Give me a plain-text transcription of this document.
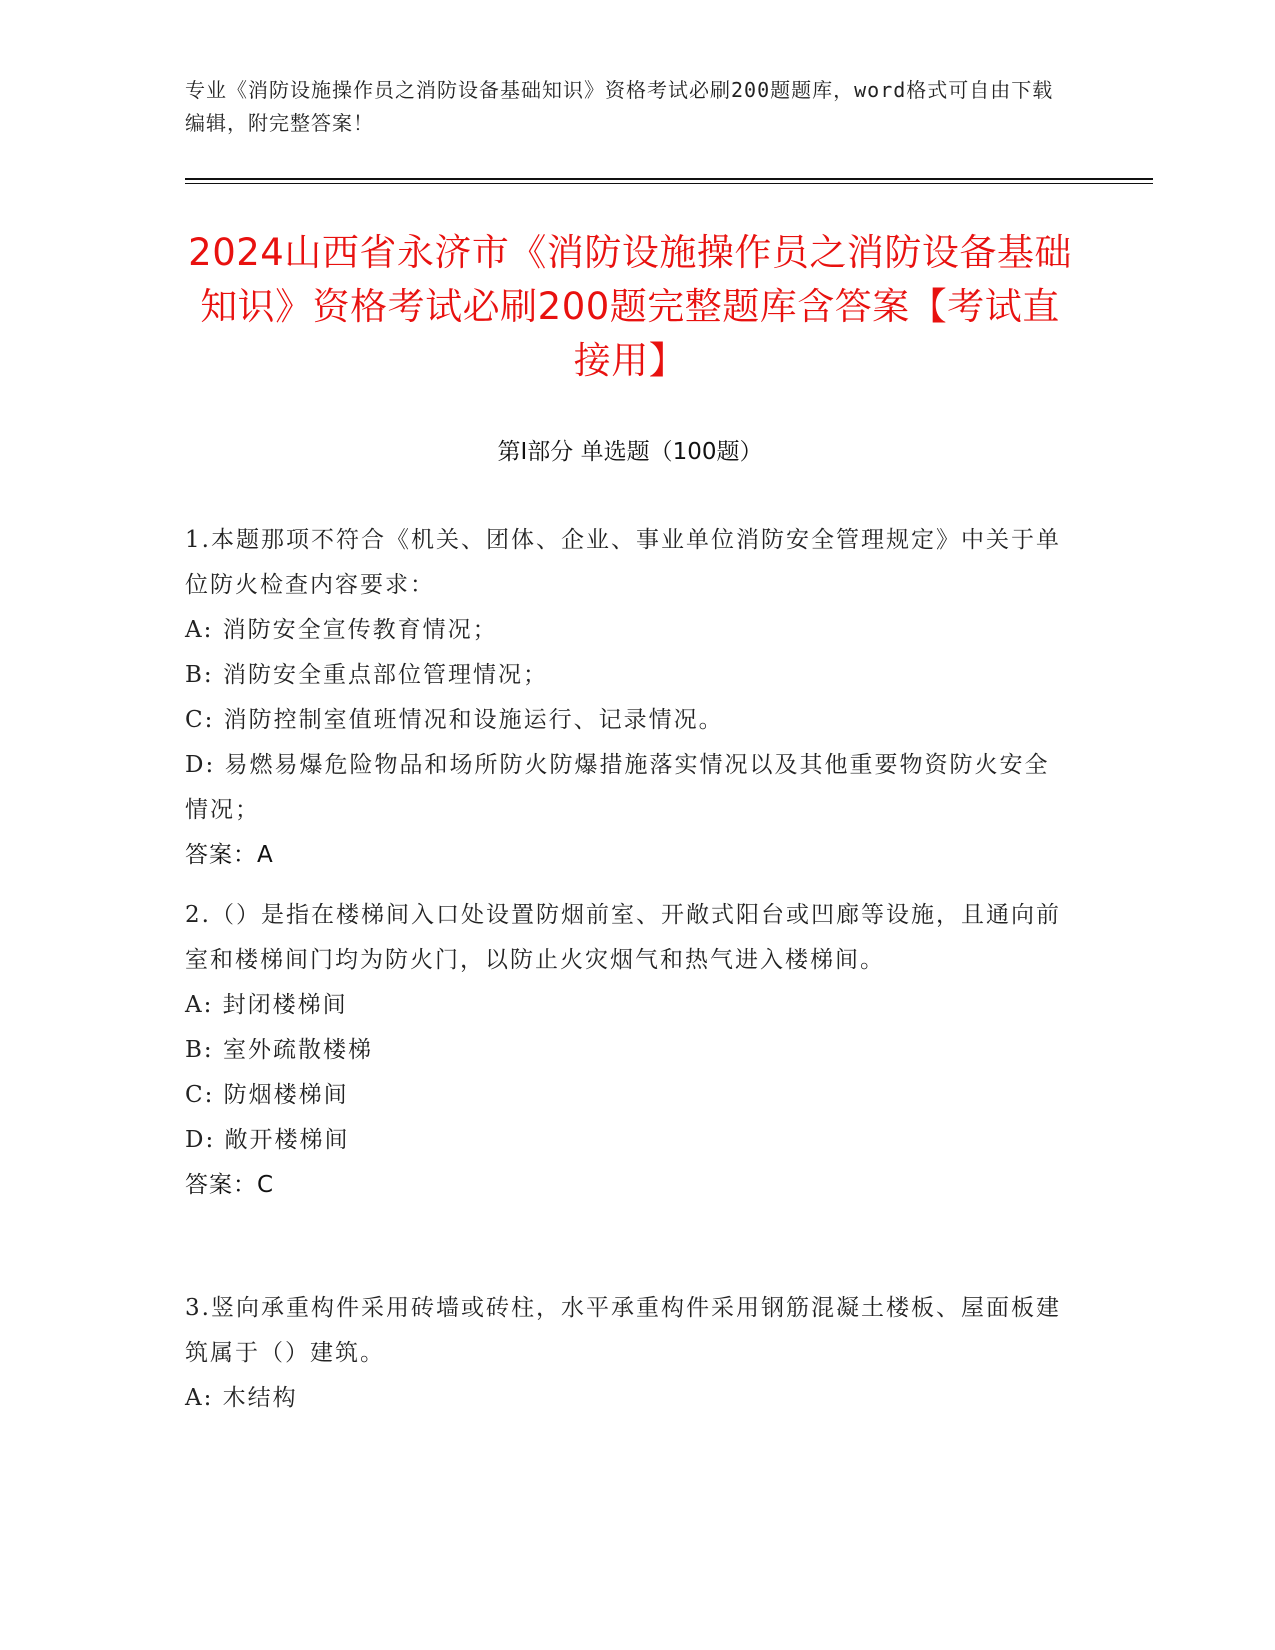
专业《消防设施操作员之消防设备基础知识》资格考试必刷200题题库，word格式可自由下载编辑，附完整答案！
2024山西省永济市《消防设施操作员之消防设备基础知识》资格考试必刷200题完整题库含答案【考试直接用】
第Ⅰ部分 单选题（100题）

1.本题那项不符合《机关、团体、企业、事业单位消防安全管理规定》中关于单位防火检查内容要求：

A: 消防安全宣传教育情况；

B: 消防安全重点部位管理情况；

C: 消防控制室值班情况和设施运行、记录情况。

D: 易燃易爆危险物品和场所防火防爆措施落实情况以及其他重要物资防火安全情况；

答案：A

2.（）是指在楼梯间入口处设置防烟前室、开敞式阳台或凹廊等设施，且通向前室和楼梯间门均为防火门，以防止火灾烟气和热气进入楼梯间。

A: 封闭楼梯间

B: 室外疏散楼梯

C: 防烟楼梯间

D: 敞开楼梯间

答案：C

3.竖向承重构件采用砖墙或砖柱，水平承重构件采用钢筋混凝土楼板、屋面板建筑属于（）建筑。

A: 木结构
